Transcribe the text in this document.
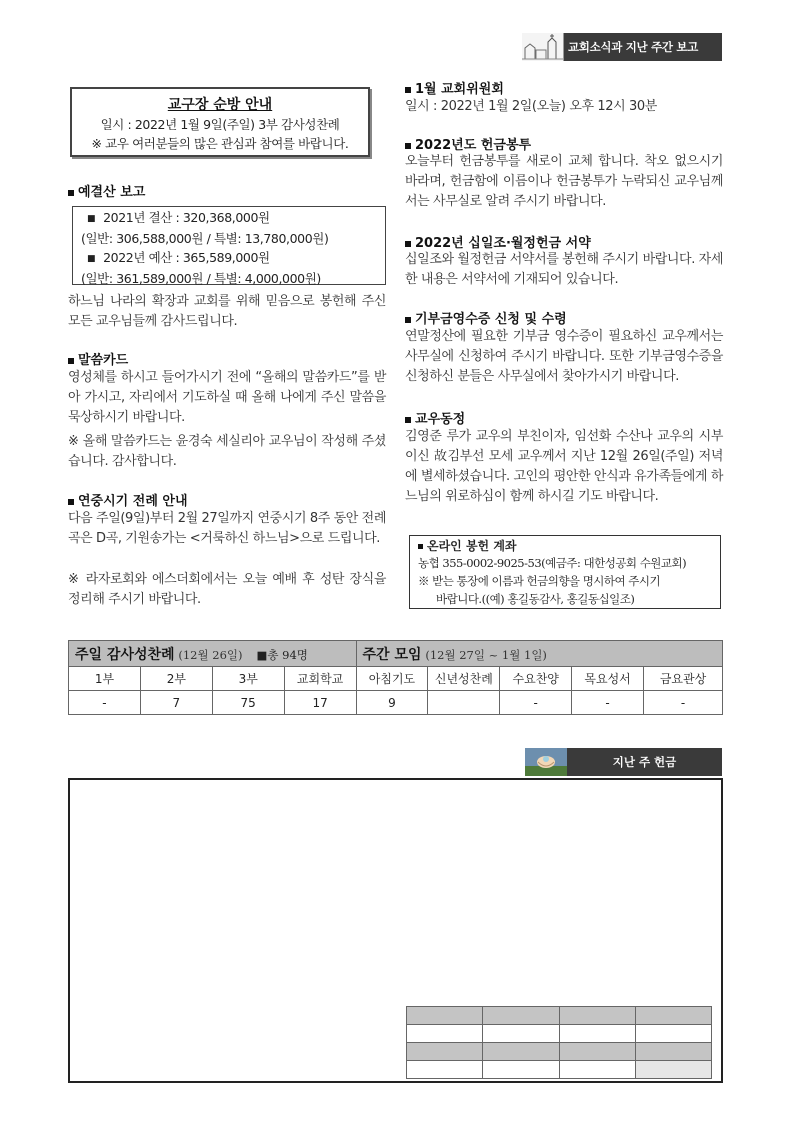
교회소식과 지난 주간 보고
교구장 순방 안내
일시 : 2022년 1월 9일(주일) 3부 감사성찬례
※ 교우 여러분들의 많은 관심과 참여를 바랍니다.
예결산 보고
■ 2021년 결산 : 320,368,000원
(일반: 306,588,000원 / 특별: 13,780,000원)
■ 2022년 예산 : 365,589,000원
(일반: 361,589,000원 / 특별: 4,000,000원)
하느님 나라의 확장과 교회를 위해 믿음으로 봉헌해 주신 모든 교우님들께 감사드립니다.
말씀카드
영성체를 하시고 들어가시기 전에 “올해의 말씀카드”를 받아 가시고, 자리에서 기도하실 때 올해 나에게 주신 말씀을 묵상하시기 바랍니다.
※ 올해 말씀카드는 윤경숙 세실리아 교우님이 작성해 주셨습니다. 감사합니다.
연중시기 전례 안내
다음 주일(9일)부터 2월 27일까지 연중시기 8주 동안 전례곡은 D곡, 기원송가는 <거룩하신 하느님>으로 드립니다.
※ 라자로회와 에스더회에서는 오늘 예배 후 성탄 장식을 정리해 주시기 바랍니다.
1월 교회위원회
일시 : 2022년 1월 2일(오늘) 오후 12시 30분
2022년도 헌금봉투
오늘부터 헌금봉투를 새로이 교체 합니다. 착오 없으시기 바라며, 헌금함에 이름이나 헌금봉투가 누락되신 교우님께서는 사무실로 알려 주시기 바랍니다.
2022년 십일조·월정헌금 서약
십일조와 월정헌금 서약서를 봉헌해 주시기 바랍니다. 자세한 내용은 서약서에 기재되어 있습니다.
기부금영수증 신청 및 수령
연말정산에 필요한 기부금 영수증이 필요하신 교우께서는 사무실에 신청하여 주시기 바랍니다. 또한 기부금영수증을 신청하신 분들은 사무실에서 찾아가시기 바랍니다.
교우동정
김영준 루가 교우의 부친이자, 임선화 수산나 교우의 시부이신 故김부선 모세 교우께서 지난 12월 26일(주일) 저녁에 별세하셨습니다. 고인의 평안한 안식과 유가족들에게 하느님의 위로하심이 함께 하시길 기도 바랍니다.
온라인 봉헌 계좌
농협 355-0002-9025-53(예금주: 대한성공회 수원교회)
※ 받는 통장에 이름과 헌금의향을 명시하여 주시기
바랍니다.((예) 홍길동감사, 홍길동십일조)
주일 감사성찬례 (12월 26일) ■총 94명				주간 모임 (12월 27일 ~ 1월 1일)				
1부	2부	3부	교회학교	아침기도	신년성찬례	수요찬양	목요성서	금요관상
-	7	75	17	9		-	-	-
지난 주 헌금
